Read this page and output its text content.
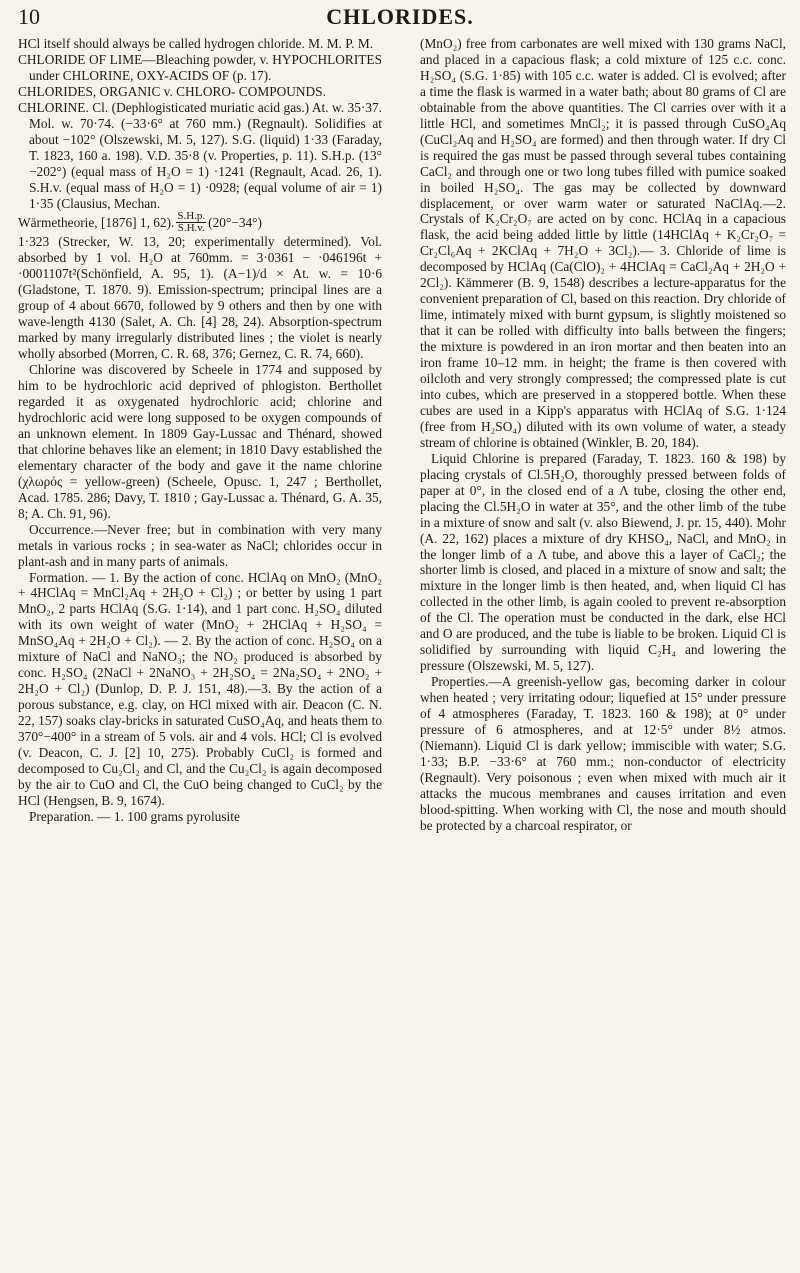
10	CHLORIDES.

HCl itself should always be called hydrogen chloride. M. M. P. M.

CHLORIDE OF LIME—Bleaching powder, v. HYPOCHLORITES under CHLORINE, OXY-ACIDS OF (p. 17).

CHLORIDES, ORGANIC v. CHLORO- COMPOUNDS.

CHLORINE. Cl. (Dephlogisticated muriatic acid gas.) At. w. 35·37. Mol. w. 70·74. (−33·6° at 760 mm.) (Regnault). Solidifies at about −102° (Olszewski, M. 5, 127). S.G. (liquid) 1·33 (Faraday, T. 1823, 160 a. 198). V.D. 35·8 (v. Properties, p. 11). S.H.p. (13°−202°) (equal mass of H₂O = 1) ·1241 (Regnault, Acad. 26, 1). S.H.v. (equal mass of H₂O = 1) ·0928; (equal volume of air = 1) 1·35 (Clausius, Mechan.

Wärmetheorie, [1876] 1, 62). $\frac{S.H.p.}{S.H.v.} (20^\circ-34^\circ)$

1·323 (Strecker, W. 13, 20; experimentally determined). Vol. absorbed by 1 vol. H₂O at 760mm. = 3·0361 − ·046196t + ·0001107t²(Schönfield, A. 95, 1). (A−1)/d × At. w. = 10·6 (Gladstone, T. 1870. 9). Emission-spectrum; principal lines are a group of 4 about 6670, followed by 9 others and then by one with wave-length 4130 (Salet, A. Ch. [4] 28, 24). Absorption-spectrum marked by many irregularly distributed lines ; the violet is nearly wholly absorbed (Morren, C. R. 68, 376; Gernez, C. R. 74, 660).

Chlorine was discovered by Scheele in 1774 and supposed by him to be hydrochloric acid deprived of phlogiston. Berthollet regarded it as oxygenated hydrochloric acid; chlorine and hydrochloric acid were long supposed to be oxygen compounds of an unknown element. In 1809 Gay-Lussac and Thénard, showed that chlorine behaves like an element; in 1810 Davy established the elementary character of the body and gave it the name chlorine (χλωρός = yellow-green) (Scheele, Opusc. 1, 247 ; Berthollet, Acad. 1785. 286; Davy, T. 1810 ; Gay-Lussac a. Thénard, G. A. 35, 8; A. Ch. 91, 96).

Occurrence.—Never free; but in combination with very many metals in various rocks ; in sea-water as NaCl; chlorides occur in plant-ash and in many parts of animals.

Formation. — 1. By the action of conc. HClAq on MnO₂ (MnO₂ + 4HClAq = MnCl₂Aq + 2H₂O + Cl₂) ; or better by using 1 part MnO₂, 2 parts HClAq (S.G. 1·14), and 1 part conc. H₂SO₄ diluted with its own weight of water (MnO₂ + 2HClAq + H₂SO₄ = MnSO₄Aq + 2H₂O + Cl₂). — 2. By the action of conc. H₂SO₄ on a mixture of NaCl and NaNO₃; the NO₂ produced is absorbed by conc. H₂SO₄ (2NaCl + 2NaNO₃ + 2H₂SO₄ = 2Na₂SO₄ + 2NO₂ + 2H₂O + Cl₂) (Dunlop, D. P. J. 151, 48).—3. By the action of a porous substance, e.g. clay, on HCl mixed with air. Deacon (C. N. 22, 157) soaks clay-bricks in saturated CuSO₄Aq, and heats them to 370°−400° in a stream of 5 vols. air and 4 vols. HCl; Cl is evolved (v. Deacon, C. J. [2] 10, 275). Probably CuCl₂ is formed and decomposed to Cu₂Cl₂ and Cl, and the Cu₂Cl₂ is again decomposed by the air to CuO and Cl, the CuO being changed to CuCl₂ by the HCl (Hengsen, B. 9, 1674).

Preparation. — 1. 100 grams pyrolusite

(MnO₂) free from carbonates are well mixed with 130 grams NaCl, and placed in a capacious flask; a cold mixture of 125 c.c. conc. H₂SO₄ (S.G. 1·85) with 105 c.c. water is added. Cl is evolved; after a time the flask is warmed in a water bath; about 80 grams of Cl are obtainable from the above quantities. The Cl carries over with it a little HCl, and sometimes MnCl₂; it is passed through CuSO₄Aq (CuCl₂Aq and H₂SO₄ are formed) and then through water. If dry Cl is required the gas must be passed through several tubes containing CaCl₂ and through one or two long tubes filled with pumice soaked in boiled H₂SO₄. The gas may be collected by downward displacement, or over warm water or saturated NaClAq.—2. Crystals of K₂Cr₂O₇ are acted on by conc. HClAq in a capacious flask, the acid being added little by little (14HClAq + K₂Cr₂O₇ = Cr₂Cl₆Aq + 2KClAq + 7H₂O + 3Cl₂).— 3. Chloride of lime is decomposed by HClAq (Ca(ClO)₂ + 4HClAq = CaCl₂Aq + 2H₂O + 2Cl₂). Kämmerer (B. 9, 1548) describes a lecture-apparatus for the convenient preparation of Cl, based on this reaction. Dry chloride of lime, intimately mixed with burnt gypsum, is slightly moistened so that it can be rolled with difficulty into balls between the fingers; the mixture is powdered in an iron mortar and then beaten into an iron frame 10–12 mm. in height; the frame is then covered with oilcloth and very strongly compressed; the compressed plate is cut into cubes, which are preserved in a stoppered bottle. When these cubes are used in a Kipp's apparatus with HClAq of S.G. 1·124 (free from H₂SO₄) diluted with its own volume of water, a steady stream of chlorine is obtained (Winkler, B. 20, 184).

Liquid Chlorine is prepared (Faraday, T. 1823. 160 & 198) by placing crystals of Cl.5H₂O, thoroughly pressed between folds of paper at 0°, in the closed end of a Λ tube, closing the other end, placing the Cl.5H₂O in water at 35°, and the other limb of the tube in a mixture of snow and salt (v. also Biewend, J. pr. 15, 440). Mohr (A. 22, 162) places a mixture of dry KHSO₄, NaCl, and MnO₂ in the longer limb of a Λ tube, and above this a layer of CaCl₂; the shorter limb is closed, and placed in a mixture of snow and salt; the mixture in the longer limb is then heated, and, when liquid Cl has collected in the other limb, is again cooled to prevent re-absorption of the Cl. The operation must be conducted in the dark, else HCl and O are produced, and the tube is liable to be broken. Liquid Cl is solidified by surrounding with liquid C₂H₄ and lowering the pressure (Olszewski, M. 5, 127).

Properties.—A greenish-yellow gas, becoming darker in colour when heated ; very irritating odour; liquefied at 15° under pressure of 4 atmospheres (Faraday, T. 1823. 160 & 198); at 0° under pressure of 6 atmospheres, and at 12·5° under 8½ atmos. (Niemann). Liquid Cl is dark yellow; immiscible with water; S.G. 1·33; B.P. −33·6° at 760 mm.; non-conductor of electricity (Regnault). Very poisonous ; even when mixed with much air it attacks the mucous membranes and causes irritation and even blood-spitting. When working with Cl, the nose and mouth should be protected by a charcoal respirator, or
